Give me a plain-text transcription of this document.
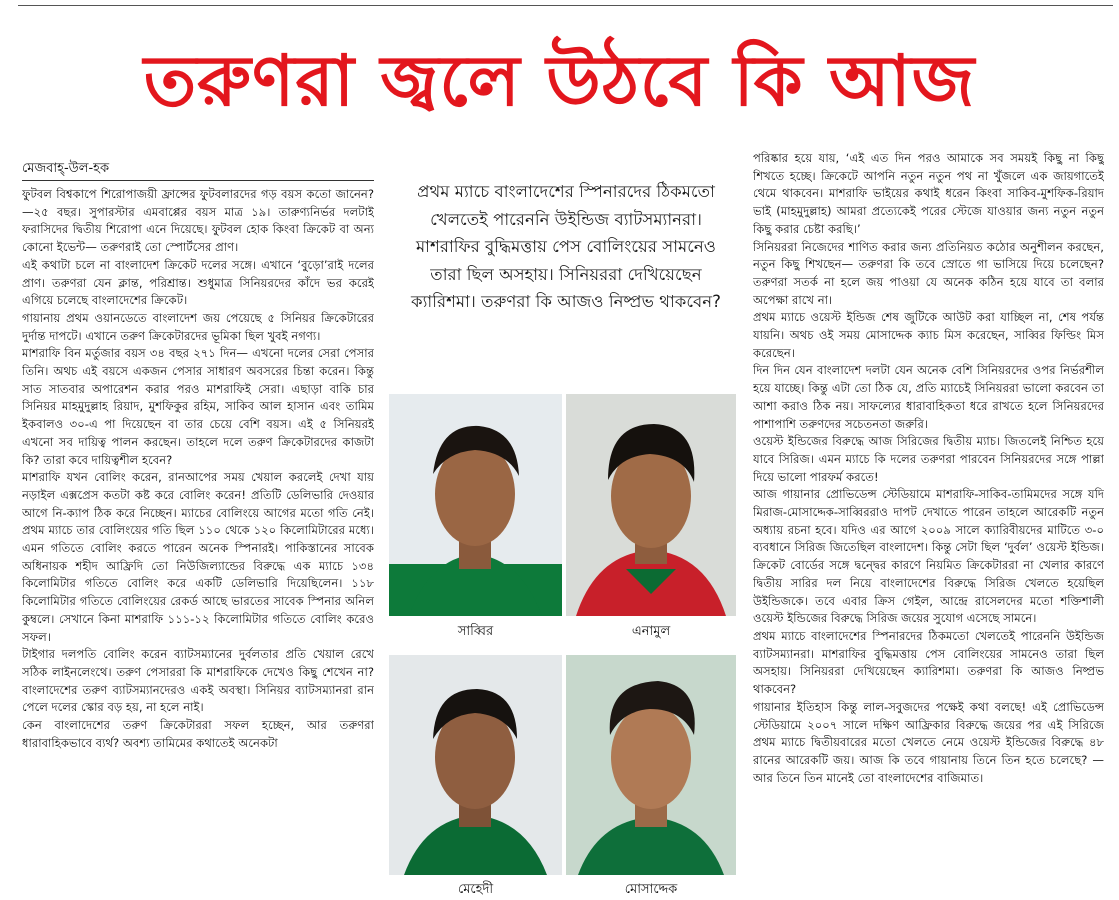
তরুণরা জ্বলে উঠবে কি আজ
মেজবাহ্-উল-হক

ফুটবল বিশ্বকাপে শিরোপাজয়ী ফ্রান্সের ফুটবলারদের গড় বয়স কতো জানেন?—২৫ বছর। সুপারস্টার এমবাপ্পের বয়স মাত্র ১৯। তারুণ্যনির্ভর দলটাই ফরাসিদের দ্বিতীয় শিরোপা এনে দিয়েছে। ফুটবল হোক কিংবা ক্রিকেট বা অন্য কোনো ইভেন্ট— তরুণরাই তো স্পোর্টসের প্রাণ।

এই কথাটা চলে না বাংলাদেশ ক্রিকেট দলের সঙ্গে। এখানে ‘বুড়ো’রাই দলের প্রাণ। তরুণরা যেন ক্লান্ত, পরিশ্রান্ত। শুধুমাত্র সিনিয়রদের কাঁদে ভর করেই এগিয়ে চলেছে বাংলাদেশের ক্রিকেট।

গায়ানায় প্রথম ওয়ানডেতে বাংলাদেশ জয় পেয়েছে ৫ সিনিয়র ক্রিকেটারের দুর্দান্ত দাপটে। এখানে তরুণ ক্রিকেটারদের ভূমিকা ছিল খুবই নগণ্য।

মাশরাফি বিন মর্তুজার বয়স ৩৪ বছর ২৭১ দিন— এখনো দলের সেরা পেসার তিনি। অথচ এই বয়সে একজন পেসার সাধারণ অবসরের চিন্তা করেন। কিন্তু সাত সাতবার অপারেশন করার পরও মাশরাফিই সেরা। এছাড়া বাকি চার সিনিয়র মাহমুদুল্লাহ রিয়াদ, মুশফিকুর রহিম, সাকিব আল হাসান এবং তামিম ইকবালও ৩০-এ পা দিয়েছেন বা তার চেয়ে বেশি বয়স। এই ৫ সিনিয়রই এখনো সব দায়িত্ব পালন করছেন। তাহলে দলে তরুণ ক্রিকেটারদের কাজটা কি? তারা কবে দায়িত্বশীল হবেন?

মাশরাফি যখন বোলিং করেন, রানআপের সময় খেয়াল করলেই দেখা যায় নড়াইল এক্সপ্রেস কতটা কষ্ট করে বোলিং করেন! প্রতিটি ডেলিভারি দেওয়ার আগে নি-ক্যাপ ঠিক করে নিচ্ছেন। ম্যাচের বোলিংয়ে আগের মতো গতি নেই। প্রথম ম্যাচে তার বোলিংয়ের গতি ছিল ১১০ থেকে ১২০ কিলোমিটারের মধ্যে। এমন গতিতে বোলিং করতে পারেন অনেক স্পিনারই। পাকিস্তানের সাবেক অধিনায়ক শহীদ আফ্রিদি তো নিউজিল্যান্ডের বিরুদ্ধে এক ম্যাচে ১৩৪ কিলোমিটার গতিতে বোলিং করে একটি ডেলিভারি দিয়েছিলেন। ১১৮ কিলোমিটার গতিতে বোলিংয়ের রেকর্ড আছে ভারতের সাবেক স্পিনার অনিল কুম্বলে। সেখানে কিনা মাশরাফি ১১১-১২ কিলোমিটার গতিতে বোলিং করেও সফল।

টাইগার দলপতি বোলিং করেন ব্যাটসম্যানের দুর্বলতার প্রতি খেয়াল রেখে সঠিক লাইনলেংথে। তরুণ পেসাররা কি মাশরাফিকে দেখেও কিছু শেখেন না? বাংলাদেশের তরুণ ব্যাটসম্যানদেরও একই অবস্থা। সিনিয়র ব্যাটসম্যানরা রান পেলে দলের স্কোর বড় হয়, না হলে নাই।

কেন বাংলাদেশের তরুণ ক্রিকেটাররা সফল হচ্ছেন, আর তরুণরা ধারাবাহিকভাবে ব্যর্থ? অবশ্য তামিমের কথাতেই অনেকটা

প্রথম ম্যাচে বাংলাদেশের স্পিনারদের ঠিকমতো খেলতেই পারেননি উইন্ডিজ ব্যাটসম্যানরা। মাশরাফির বুদ্ধিমত্তায় পেস বোলিংয়ের সামনেও তারা ছিল অসহায়। সিনিয়ররা দেখিয়েছেন ক্যারিশমা। তরুণরা কি আজও নিষ্প্রভ থাকবেন?
সাব্বির	এনামুল
মেহেদী	মোসাদ্দেক

পরিষ্কার হয়ে যায়, ‘এই এত দিন পরও আমাকে সব সময়ই কিছু না কিছু শিখতে হচ্ছে। ক্রিকেটে আপনি নতুন নতুন পথ না খুঁজলে এক জায়গাতেই থেমে থাকবেন। মাশরাফি ভাইয়ের কথাই ধরেন কিংবা সাকিব-মুশফিক-রিয়াদ ভাই (মাহমুদুল্লাহ) আমরা প্রত্যেকেই পরের স্টেজে যাওয়ার জন্য নতুন নতুন কিছু করার চেষ্টা করছি।’

সিনিয়ররা নিজেদের শাণিত করার জন্য প্রতিনিয়ত কঠোর অনুশীলন করছেন, নতুন কিছু শিখছেন— তরুণরা কি তবে স্রোতে গা ভাসিয়ে দিয়ে চলেছেন? তরুণরা সতর্ক না হলে জয় পাওয়া যে অনেক কঠিন হয়ে যাবে তা বলার অপেক্ষা রাখে না।

প্রথম ম্যাচে ওয়েস্ট ইন্ডিজ শেষ জুটিকে আউট করা যাচ্ছিল না, শেষ পর্যন্ত যায়নি। অথচ ওই সময় মোসাদ্দেক ক্যাচ মিস করেছেন, সাব্বির ফিল্ডিং মিস করেছেন।

দিন দিন যেন বাংলাদেশ দলটা যেন অনেক বেশি সিনিয়রদের ওপর নির্ভরশীল হয়ে যাচ্ছে। কিন্তু এটা তো ঠিক যে, প্রতি ম্যাচেই সিনিয়ররা ভালো করবেন তা আশা করাও ঠিক নয়। সাফল্যের ধারাবাহিকতা ধরে রাখতে হলে সিনিয়রদের পাশাপাশি তরুণদের সচেতনতা জরুরি।

ওয়েস্ট ইন্ডিজের বিরুদ্ধে আজ সিরিজের দ্বিতীয় ম্যাচ। জিতলেই নিশ্চিত হয়ে যাবে সিরিজ। এমন ম্যাচে কি দলের তরুণরা পারবেন সিনিয়রদের সঙ্গে পাল্লা দিয়ে ভালো পারফর্ম করতে!

আজ গায়ানার প্রোভিডেন্স স্টেডিয়ামে মাশরাফি-সাকিব-তামিমদের সঙ্গে যদি মিরাজ-মোসাদ্দেক-সাব্বিররাও দাপট দেখাতে পারেন তাহলে আরেকটি নতুন অধ্যায় রচনা হবে। যদিও এর আগে ২০০৯ সালে ক্যারিবীয়দের মাটিতে ৩-০ ব্যবধানে সিরিজ জিতেছিল বাংলাদেশ। কিন্তু সেটা ছিল ‘দুর্বল’ ওয়েস্ট ইন্ডিজ। ক্রিকেট বোর্ডের সঙ্গে দ্বন্দ্বের কারণে নিয়মিত ক্রিকেটাররা না খেলার কারণে দ্বিতীয় সারির দল নিয়ে বাংলাদেশের বিরুদ্ধে সিরিজ খেলতে হয়েছিল উইন্ডিজকে। তবে এবার ক্রিস গেইল, আন্দ্রে রাসেলদের মতো শক্তিশালী ওয়েস্ট ইন্ডিজের বিরুদ্ধে সিরিজ জয়ের সুযোগ এসেছে সামনে।

প্রথম ম্যাচে বাংলাদেশের স্পিনারদের ঠিকমতো খেলতেই পারেননি উইন্ডিজ ব্যাটসম্যানরা। মাশরাফির বুদ্ধিমত্তায় পেস বোলিংয়ের সামনেও তারা ছিল অসহায়। সিনিয়ররা দেখিয়েছেন ক্যারিশমা। তরুণরা কি আজও নিষ্প্রভ থাকবেন?

গায়ানার ইতিহাস কিন্তু লাল-সবুজদের পক্ষেই কথা বলছে! এই প্রোভিডেন্স স্টেডিয়ামে ২০০৭ সালে দক্ষিণ আফ্রিকার বিরুদ্ধে জয়ের পর এই সিরিজে প্রথম ম্যাচে দ্বিতীয়বারের মতো খেলতে নেমে ওয়েস্ট ইন্ডিজের বিরুদ্ধে ৪৮ রানের আরেকটি জয়। আজ কি তবে গায়ানায় তিনে তিন হতে চলেছে? —আর তিনে তিন মানেই তো বাংলাদেশের বাজিমাত।
